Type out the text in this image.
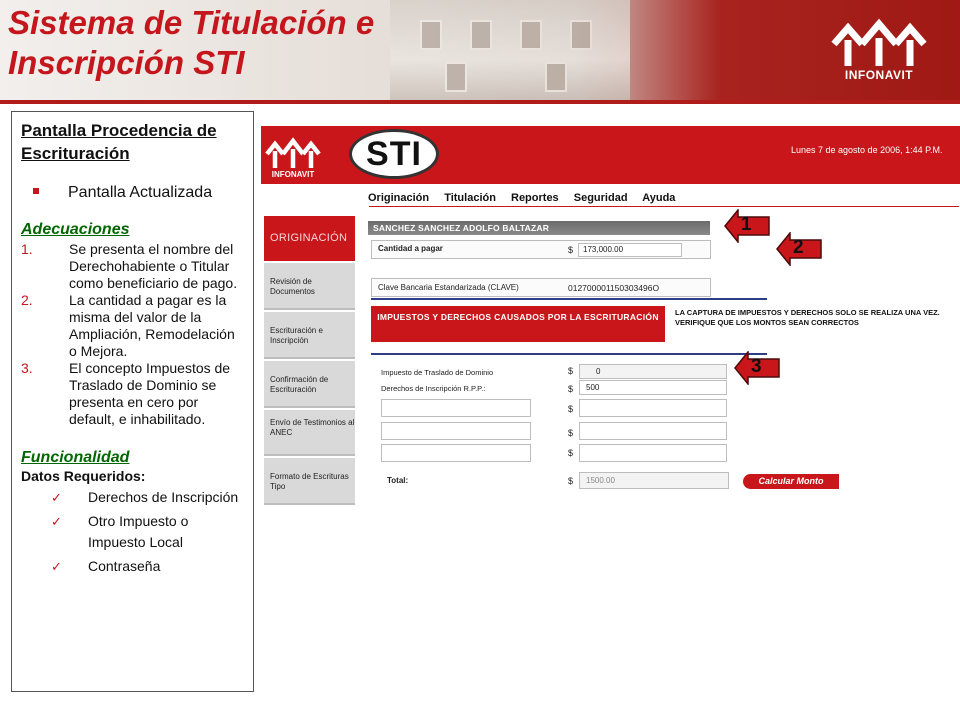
Sistema de Titulación e
Inscripción STI	INFONAVIT
Pantalla Procedencia de Escrituración
Pantalla Actualizada
Adecuaciones
1.	Se presenta el nombre del Derechohabiente o Titular como beneficiario de pago.
2.	La cantidad a pagar es la misma del valor de la Ampliación, Remodelación o Mejora.
3.	El concepto Impuestos de Traslado de Dominio se presenta en cero por default, e inhabilitado.
Funcionalidad
Datos Requeridos:
✓ Derechos de Inscripción
✓ Otro Impuesto o Impuesto Local
✓ Contraseña
INFONAVIT
STI	Lunes 7 de agosto de 2006, 1:44 P.M.
Originación Titulación Reportes Seguridad Ayuda
ORIGINACIÓN
Revisión de Documentos
Escrituración e Inscripción
Confirmación de Escrituración
Envío de Testimonios al ANEC
Formato de Escrituras Tipo
SANCHEZ SANCHEZ ADOLFO BALTAZAR
Cantidad a pagar	$	173,000.00
Clave Bancaria Estandarizada (CLAVE)	012700001150303496O
IMPUESTOS Y DERECHOS CAUSADOS POR LA ESCRITURACIÓN	LA CAPTURA DE IMPUESTOS Y DERECHOS SOLO SE REALIZA UNA VEZ. VERIFIQUE QUE LOS MONTOS SEAN CORRECTOS
Impuesto de Traslado de Dominio	$	0
Derechos de Inscripción R.P.P.:	$	500
$
$
$
Total:	$	1500.00	Calcular Monto
1
2
3
